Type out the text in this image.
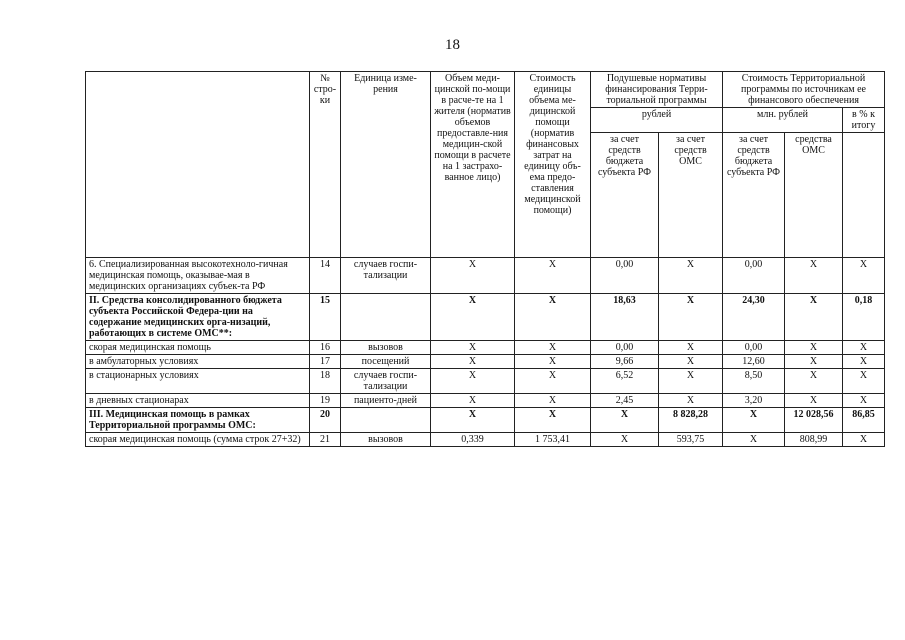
18
	№ стро-ки	Единица изме-рения	Объем меди-цинской по-мощи в расче-те на 1 жителя (норматив объемов предоставле-ния медицин-ской помощи в расчете на 1 застрахо-ванное лицо)	Стоимость единицы объема ме-дицинской помощи (норматив финансовых затрат на единицу объ-ема предо-ставления медицинской помощи)	Подушевые нормативы финансирования Терри-ториальной программы		Стоимость Территориальной программы по источникам ее финансового обеспечения		
					рублей		млн. рублей		в % к итогу
					за счет средств бюджета субъекта РФ	за счет средств ОМС	за счет средств бюджета субъекта РФ	средства ОМС	
6. Специализированная высокотехноло-гичная медицинская помощь, оказывае-мая в медицинских организациях субъек-та РФ	14	случаев госпи-тализации	Х	Х	0,00	Х	0,00	Х	Х
II. Средства консолидированного бюджета субъекта Российской Федера-ции на содержание медицинских орга-низаций, работающих в системе ОМС**:	15		Х	Х	18,63	Х	24,30	Х	0,18
скорая медицинская помощь	16	вызовов	Х	Х	0,00	Х	0,00	Х	Х
в амбулаторных условиях	17	посещений	Х	Х	9,66	Х	12,60	Х	Х
в стационарных условиях	18	случаев госпи-тализации	Х	Х	6,52	Х	8,50	Х	Х
в дневных стационарах	19	пациенто-дней	Х	Х	2,45	Х	3,20	Х	Х
III. Медицинская помощь в рамках Территориальной программы ОМС:	20		Х	Х	Х	8 828,28	Х	12 028,56	86,85
скорая медицинская помощь (сумма строк 27+32)	21	вызовов	0,339	1 753,41	Х	593,75	Х	808,99	Х
